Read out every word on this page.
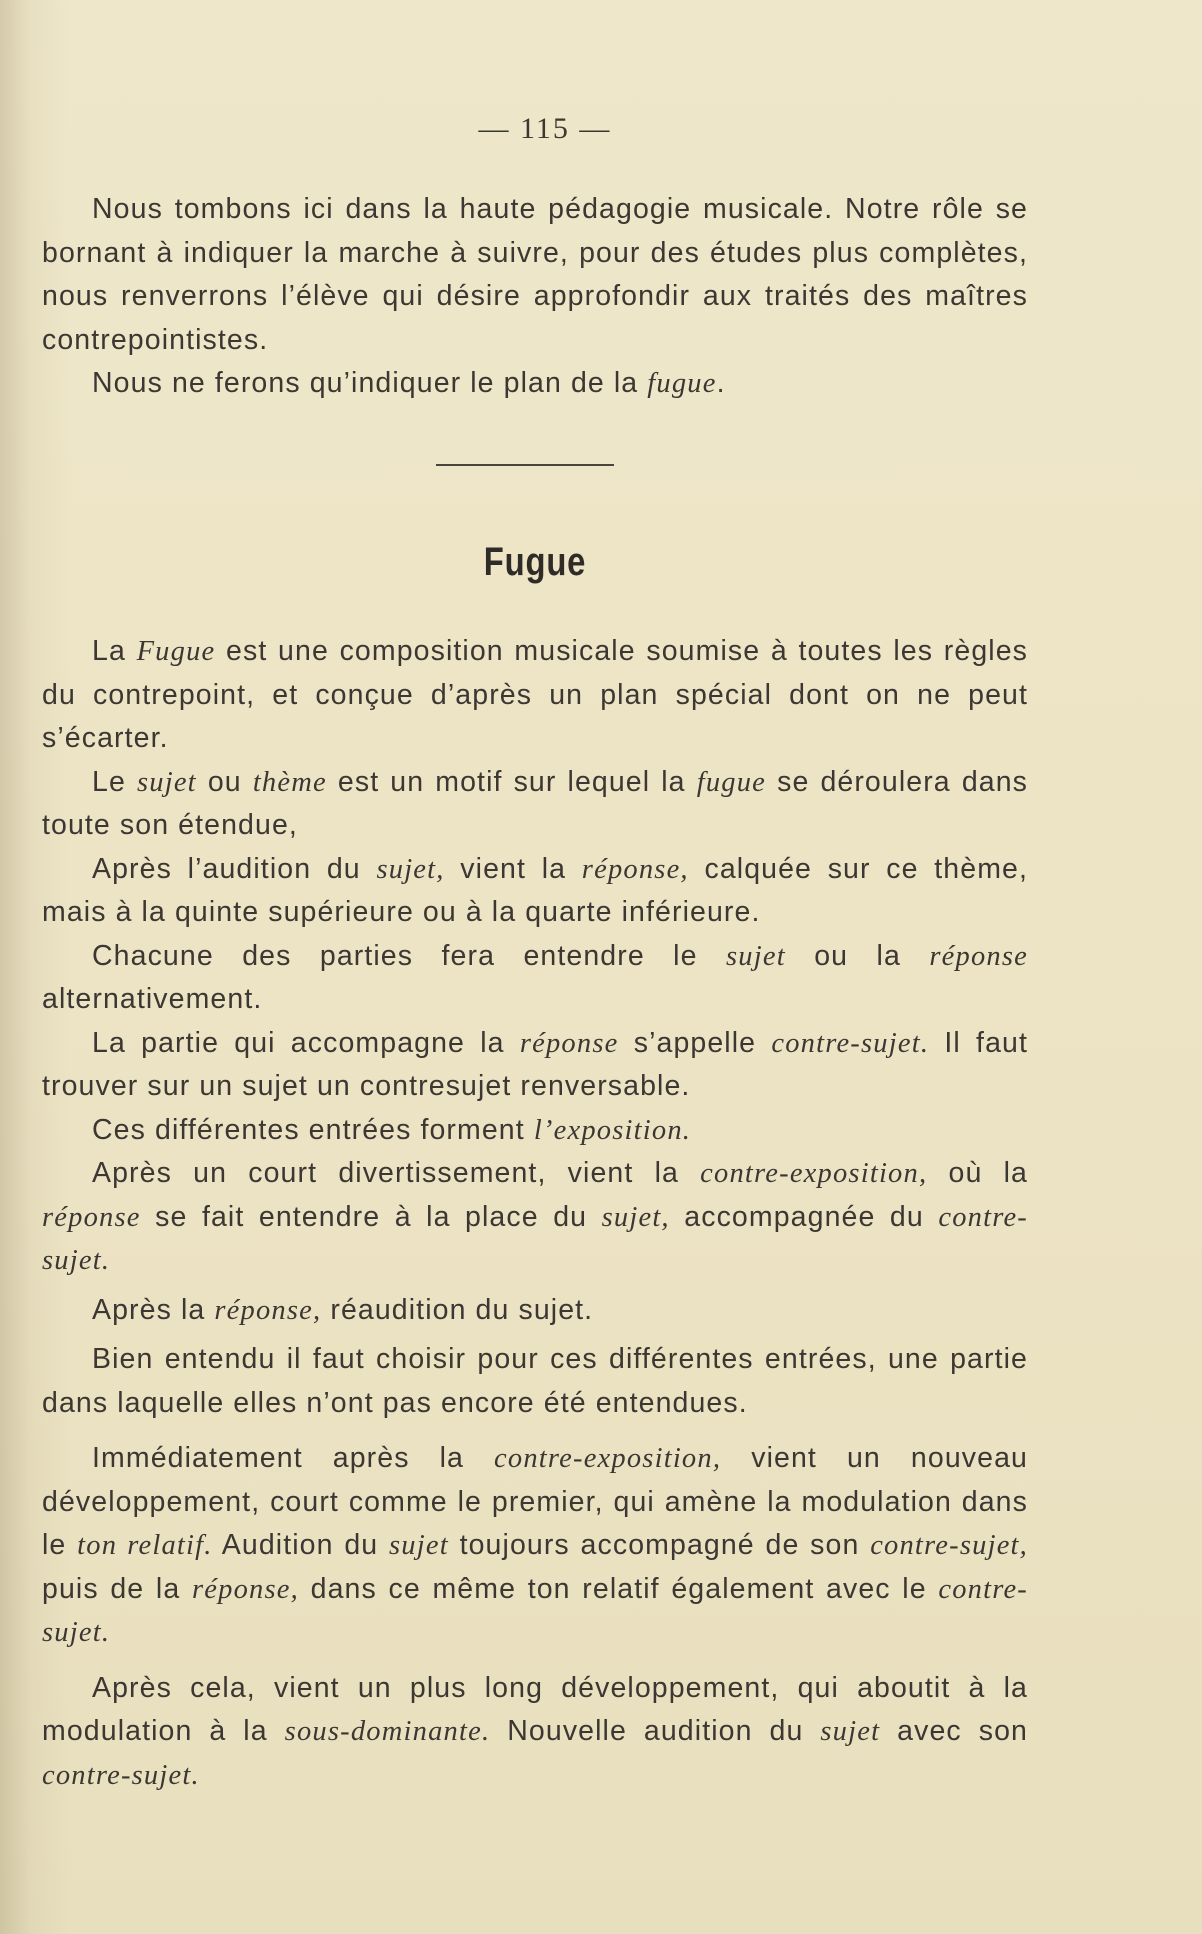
— 115 —

Nous tombons ici dans la haute pédagogie musicale. Notre rôle se bornant à indiquer la marche à suivre, pour des études plus complètes, nous renverrons l’élève qui désire approfondir aux traités des maîtres contrepointistes.

Nous ne ferons qu’indiquer le plan de la fugue.

Fugue

La Fugue est une composition musicale soumise à toutes les règles du contrepoint, et conçue d’après un plan spécial dont on ne peut s’écarter.

Le sujet ou thème est un motif sur lequel la fugue se déroulera dans toute son étendue,

Après l’audition du sujet, vient la réponse, calquée sur ce thème, mais à la quinte supérieure ou à la quarte inférieure.

Chacune des parties fera entendre le sujet ou la réponse alternativement.

La partie qui accompagne la réponse s’appelle contre-sujet. Il faut trouver sur un sujet un contresujet renversable.

Ces différentes entrées forment l’exposition.

Après un court divertissement, vient la contre-exposition, où la réponse se fait entendre à la place du sujet, accompagnée du contre-sujet.

Après la réponse, réaudition du sujet.

Bien entendu il faut choisir pour ces différentes entrées, une partie dans laquelle elles n’ont pas encore été entendues.

Immédiatement après la contre-exposition, vient un nouveau développement, court comme le premier, qui amène la modulation dans le ton relatif. Audition du sujet toujours accompagné de son contre-sujet, puis de la réponse, dans ce même ton relatif également avec le contre-sujet.

Après cela, vient un plus long développement, qui aboutit à la modulation à la sous-dominante. Nouvelle audition du sujet avec son contre-sujet.
